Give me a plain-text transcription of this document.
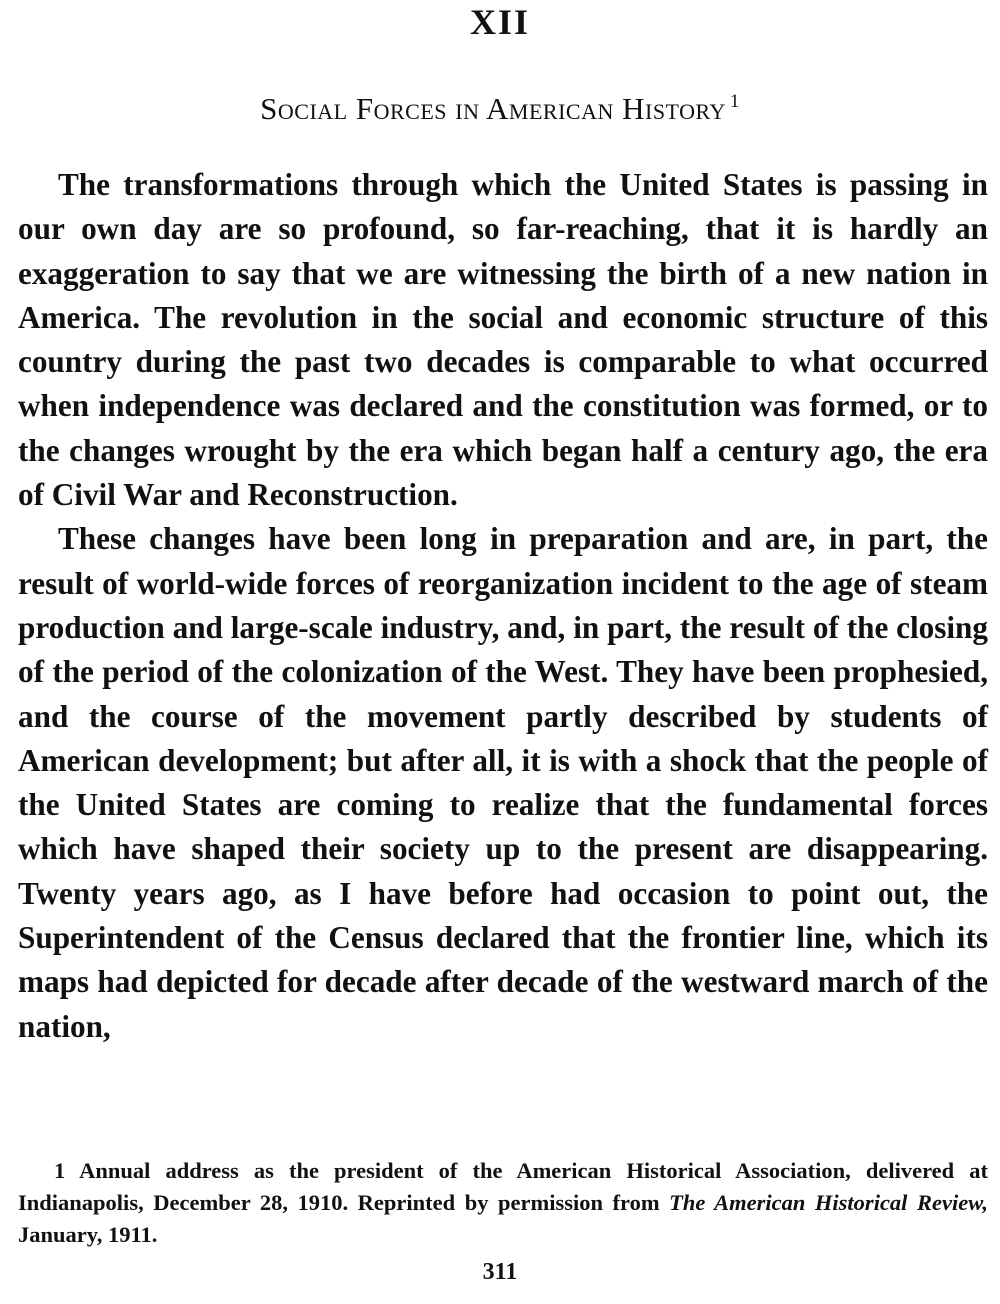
XII
Social Forces in American History $^1$

The transformations through which the United States is passing in our own day are so profound, so far-reaching, that it is hardly an exaggeration to say that we are witnessing the birth of a new nation in America. The revolution in the social and economic structure of this country during the past two decades is comparable to what occurred when independence was declared and the constitution was formed, or to the changes wrought by the era which began half a century ago, the era of Civil War and Reconstruction.

These changes have been long in preparation and are, in part, the result of world-wide forces of reorganization incident to the age of steam production and large-scale industry, and, in part, the result of the closing of the period of the colonization of the West. They have been prophesied, and the course of the movement partly described by students of American development; but after all, it is with a shock that the people of the United States are coming to realize that the fundamental forces which have shaped their society up to the present are disappearing. Twenty years ago, as I have before had occasion to point out, the Superintendent of the Census declared that the frontier line, which its maps had depicted for decade after decade of the westward march of the nation,

1 Annual address as the president of the American Historical Association, delivered at Indianapolis, December 28, 1910. Reprinted by permission from The American Historical Review, January, 1911.
311
